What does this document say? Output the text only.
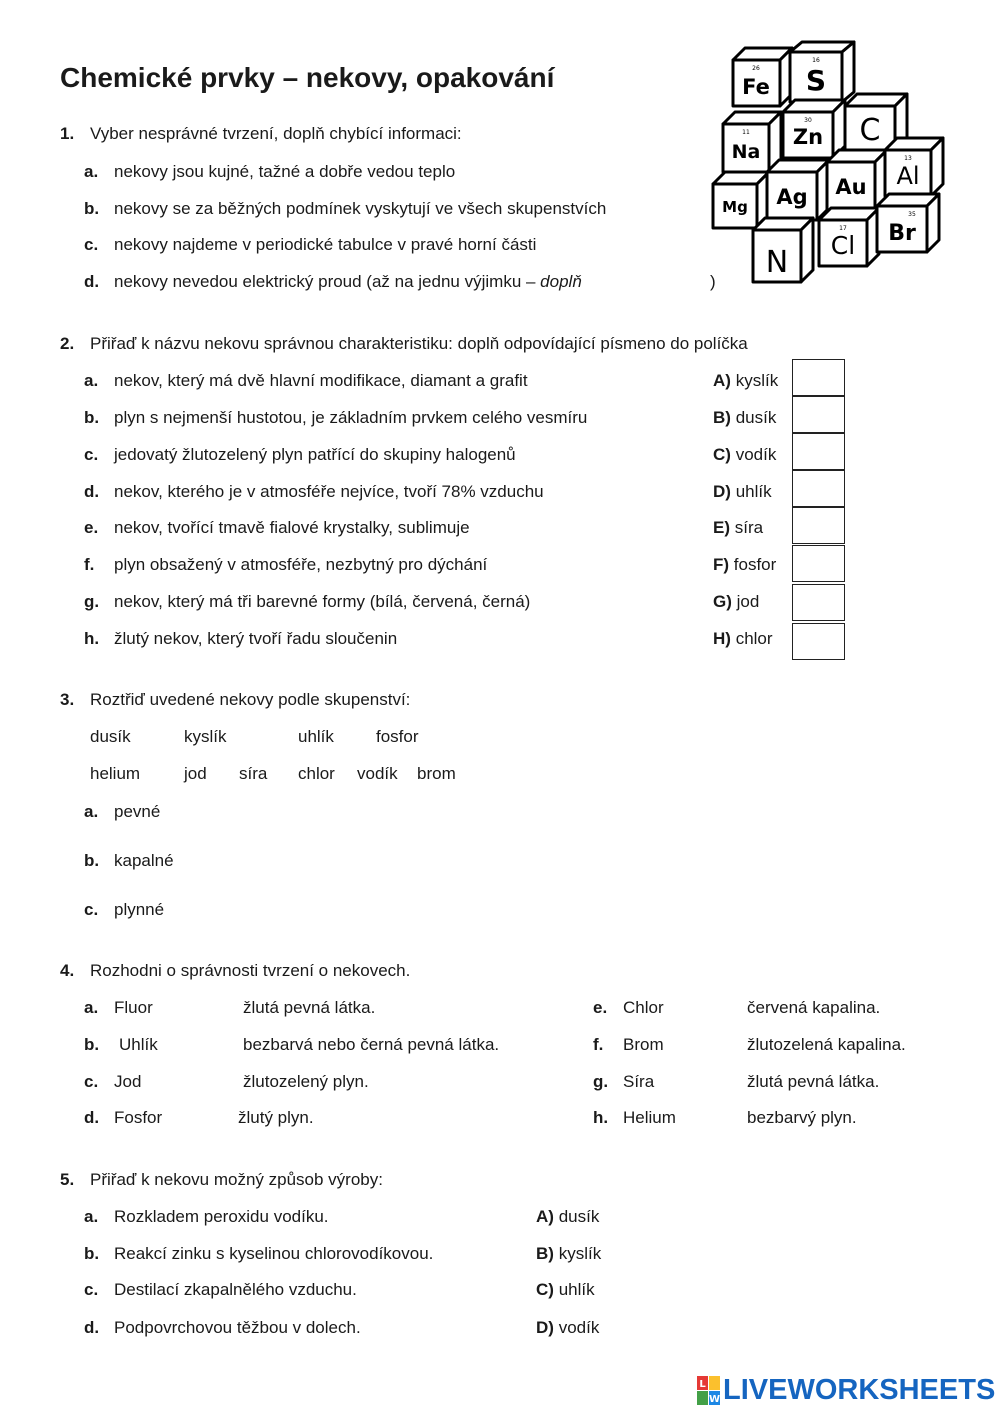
Chemické prvky – nekovy, opakování	Fe S
Na
Zn C
Mg Ag Au Al
N Cl Br
26
16
11
30
13
17
35
1. Vyber nesprávné tvrzení, doplň chybící informaci:
a. nekovy jsou kujné, tažné a dobře vedou teplo
b. nekovy se za běžných podmínek vyskytují ve všech skupenstvích
c. nekovy najdeme v periodické tabulce v pravé horní části
d. nekovy nevedou elektrický proud (až na jednu výjimku – doplň	)
2. Přiřaď k názvu nekovu správnou charakteristiku: doplň odpovídající písmeno do políčka
a. nekov, který má dvě hlavní modifikace, diamant a grafit	A) kyslík
b. plyn s nejmenší hustotou, je základním prvkem celého vesmíru	B) dusík
c. jedovatý žlutozelený plyn patřící do skupiny halogenů	C) vodík
d. nekov, kterého je v atmosféře nejvíce, tvoří 78% vzduchu	D) uhlík
e. nekov, tvořící tmavě fialové krystalky, sublimuje	E) síra
f. plyn obsažený v atmosféře, nezbytný pro dýchání	F) fosfor
g. nekov, který má tři barevné formy (bílá, červená, černá)	G) jod
h. žlutý nekov, který tvoří řadu sloučenin	H) chlor
3. Roztřiď uvedené nekovy podle skupenství:
dusík	kyslík	uhlík fosfor
helium	jod síra chlor vodík brom
a. pevné
b. kapalné
c. plynné
4. Rozhodni o správnosti tvrzení o nekovech.
a. Fluor	žlutá pevná látka.
b. Uhlík	bezbarvá nebo černá pevná látka.
c. Jod	žlutozelený plyn.
d. Fosfor	žlutý plyn.
e. Chlor	červená kapalina.
f. Brom	žlutozelená kapalina.
g. Síra	žlutá pevná látka.
h. Helium	bezbarvý plyn.
5. Přiřaď k nekovu možný způsob výroby:
a. Rozkladem peroxidu vodíku.	A) dusík
b. Reakcí zinku s kyselinou chlorovodíkovou.	B) kyslík
c. Destilací zkapalnělého vzduchu.	C) uhlík
d. Podpovrchovou těžbou v dolech.	D) vodík
L
W LIVEWORKSHEETS
